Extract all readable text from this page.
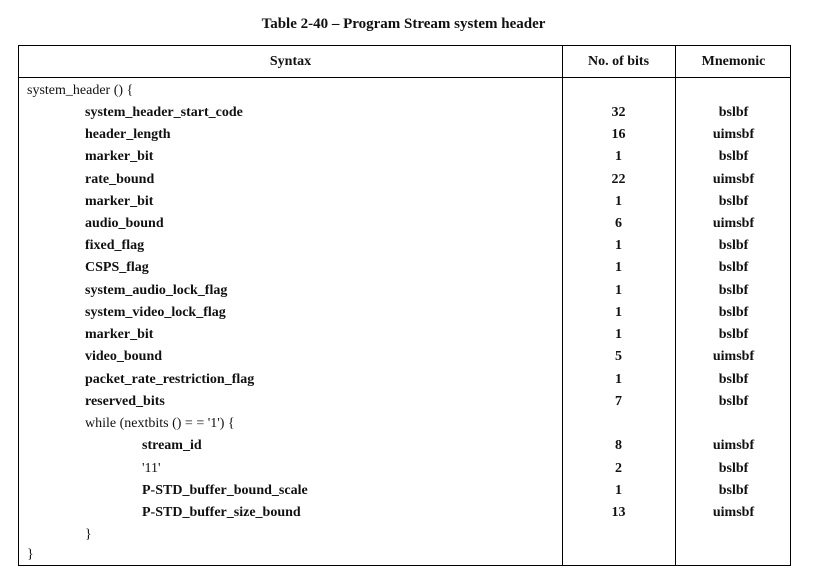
Table 2-40 – Program Stream system header
Syntax	No. of bits	Mnemonic
system_header () {
system_header_start_code	32	bslbf
header_length	16	uimsbf
marker_bit	1	bslbf
rate_bound	22	uimsbf
marker_bit	1	bslbf
audio_bound	6	uimsbf
fixed_flag	1	bslbf
CSPS_flag	1	bslbf
system_audio_lock_flag	1	bslbf
system_video_lock_flag	1	bslbf
marker_bit	1	bslbf
video_bound	5	uimsbf
packet_rate_restriction_flag	1	bslbf
reserved_bits	7	bslbf
while (nextbits () = = '1') {
stream_id	8	uimsbf
'11'	2	bslbf
P-STD_buffer_bound_scale	1	bslbf
P-STD_buffer_size_bound	13	uimsbf
}
}
